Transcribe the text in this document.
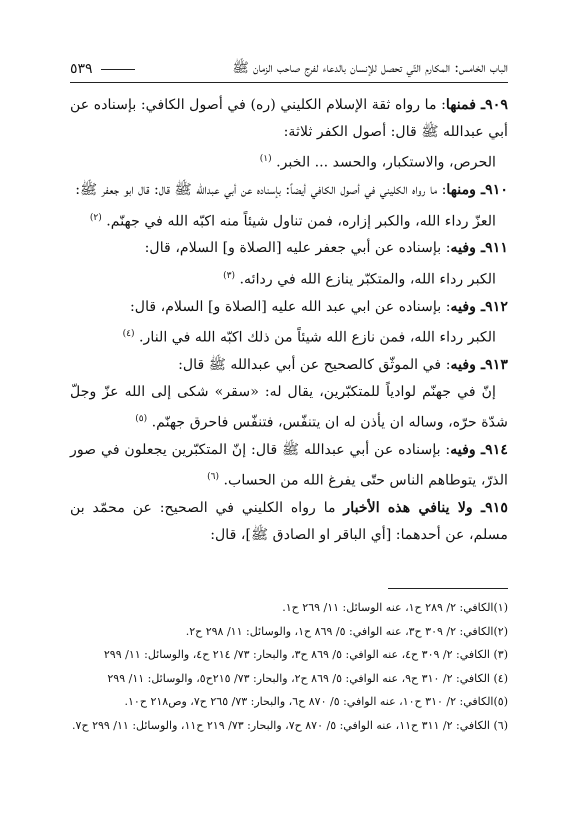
الباب الخامس: المكارم التّي تحصل للإنسان بالدعاء لفرج صاحب الزمان ﷺ
٥٣٩

٩٠٩ـ فمنها: ما رواه ثقة الإسلام الكليني (ره) في أصول الكافي: بإسناده عن أبي عبدالله ﷺ قال: أصول الكفر ثلاثة:

الحرص، والاستكبار، والحسد ... الخبر. $^{(١)}$

٩١٠ـ ومنها: ما رواه الكليني في أصول الكافي أيضاً: بإسناده عن أبي عبدالله ﷺ قال: قال ابو جعفر ﷺ:

العزّ رداء الله، والكبر إزاره، فمن تناول شيئاً منه اكبّه الله في جهنّم. $^{(٢)}$

٩١١ـ وفيه: بإسناده عن أبي جعفر عليه [الصلاة و] السلام، قال:

الكبر رداء الله، والمتكبّر ينازع الله في ردائه. $^{(٣)}$

٩١٢ـ وفيه: بإسناده عن ابي عبد الله عليه [الصلاة و] السلام، قال:

الكبر رداء الله، فمن نازع الله شيئاً من ذلك اكبّه الله في النار. $^{(٤)}$

٩١٣ـ وفيه: في الموثّق كالصحيح عن أبي عبدالله ﷺ قال:

إنّ في جهنّم لوادياً للمتكبّرين، يقال له: «سقر» شكى إلى الله عزّ وجلّ شدّة حرّه، وساله ان يأذن له ان يتنفّس، فتنفّس فاحرق جهنّم. $^{(٥)}$

٩١٤ـ وفيه: بإسناده عن أبي عبدالله ﷺ قال: إنّ المتكبّرين يجعلون في صور الذرّ، يتوطاهم الناس حتّى يفرغ الله من الحساب. $^{(٦)}$

٩١٥ـ ولا ينافي هذه الأخبار ما رواه الكليني في الصحيح: عن محمّد بن مسلم، عن أحدهما: [أي الباقر او الصادق ﷺ]، قال:

(١)الكافي: ٢/ ٢٨٩ ح١، عنه الوسائل: ١١/ ٢٦٩ ح١.

(٢)الكافي: ٢/ ٣٠٩ ح٣، عنه الوافي: ٥/ ٨٦٩ ح١، والوسائل: ١١/ ٢٩٨ ح٢.

(٣) الكافي: ٢/ ٣٠٩ ح٤، عنه الوافي: ٥/ ٨٦٩ ح٣، والبحار: ٧٣/ ٢١٤ ح٤، والوسائل: ١١/ ٢٩٩

(٤) الكافي: ٢/ ٣١٠ ح٩، عنه الوافي: ٥/ ٨٦٩ ح٢، والبحار: ٧٣/ ٢١٥ح٥، والوسائل: ١١/ ٢٩٩

(٥)الكافي: ٢/ ٣١٠ ح١٠، عنه الوافي: ٥/ ٨٧٠ ح٦، والبحار: ٧٣/ ٢٦٥ ح٧، وص٢١٨ ح١٠.

(٦) الكافي: ٢/ ٣١١ ح١١، عنه الوافي: ٥/ ٨٧٠ ح٧، والبحار: ٧٣/ ٢١٩ ح١١، والوسائل: ١١/ ٢٩٩ ح٧.
